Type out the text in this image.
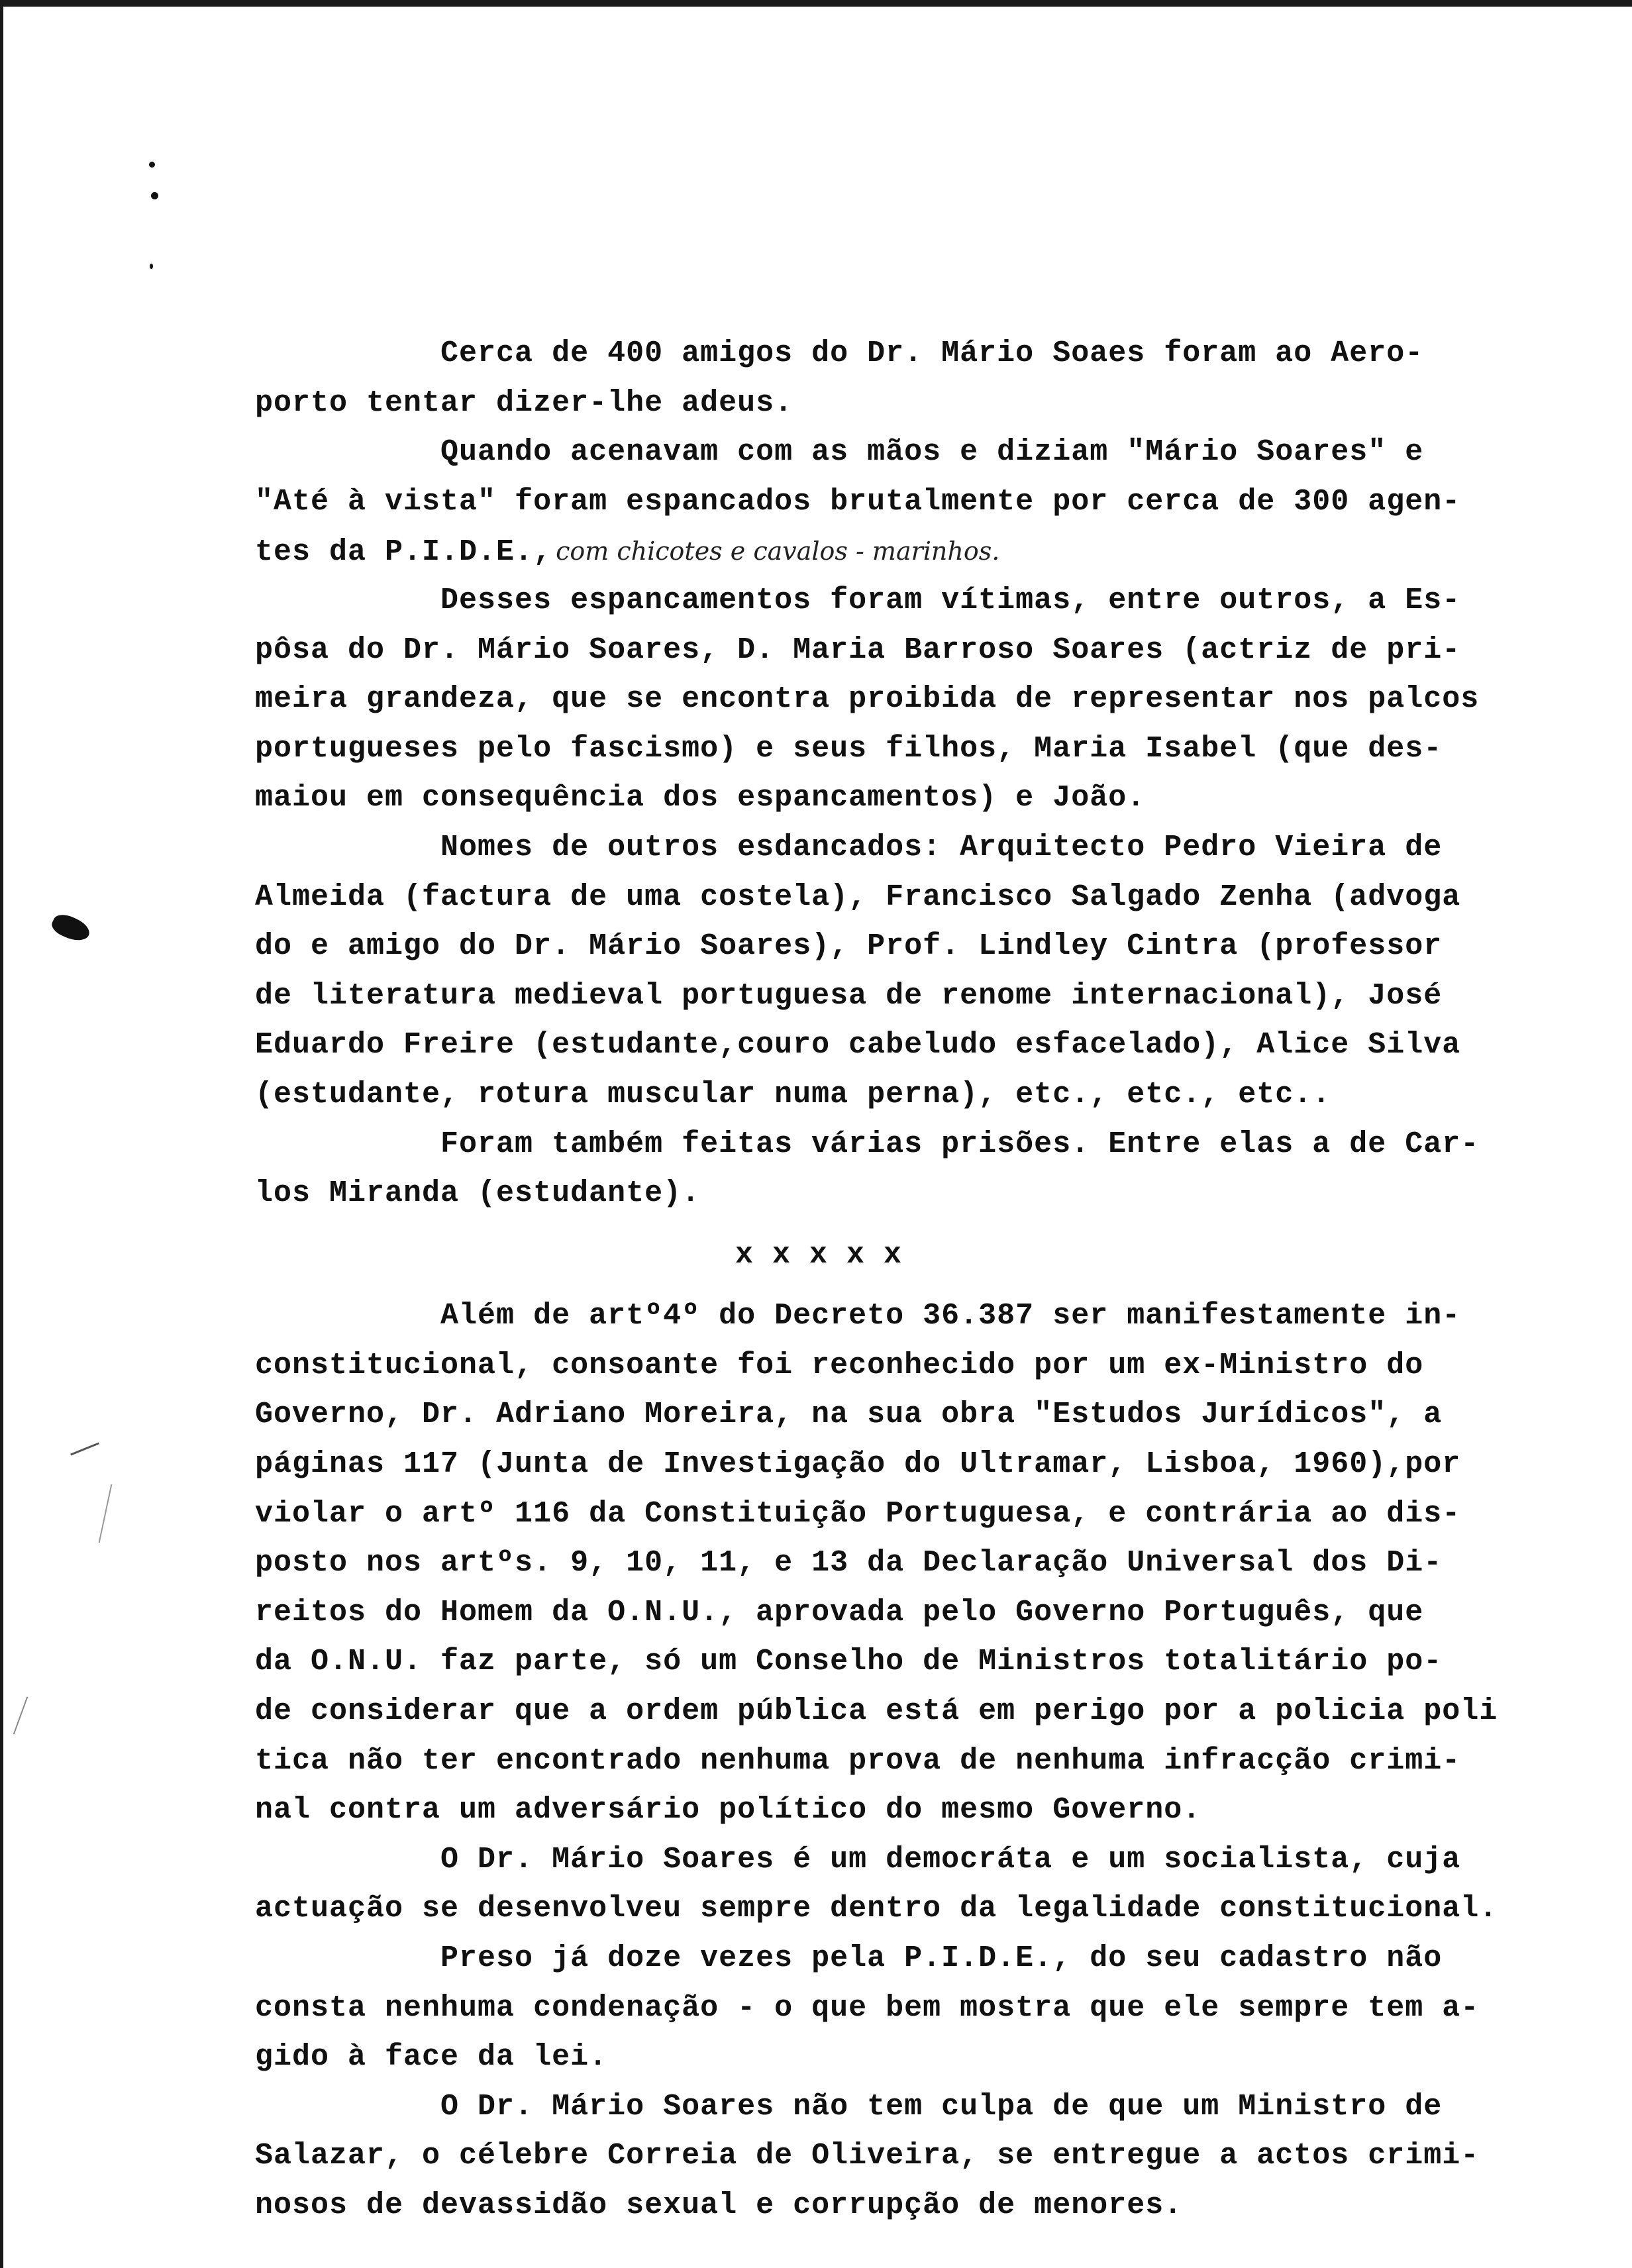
Cerca de 400 amigos do Dr. Mário Soaes foram ao Aero-
porto tentar dizer-lhe adeus.
Quando acenavam com as mãos e diziam "Mário Soares" e
"Até à vista" foram espancados brutalmente por cerca de 300 agen-
tes da P.I.D.E., com chicotes e cavalos - marinhos.
Desses espancamentos foram vítimas, entre outros, a Es-
pôsa do Dr. Mário Soares, D. Maria Barroso Soares (actriz de pri-
meira grandeza, que se encontra proibida de representar nos palcos
portugueses pelo fascismo) e seus filhos, Maria Isabel (que des-
maiou em consequência dos espancamentos) e João.
Nomes de outros esdancados: Arquitecto Pedro Vieira de
Almeida (factura de uma costela), Francisco Salgado Zenha (advoga
do e amigo do Dr. Mário Soares), Prof. Lindley Cintra (professor
de literatura medieval portuguesa de renome internacional), José
Eduardo Freire (estudante,couro cabeludo esfacelado), Alice Silva
(estudante, rotura muscular numa perna), etc., etc., etc..
Foram também feitas várias prisões. Entre elas a de Car-
los Miranda (estudante).
x x x x x
Além de artº4º do Decreto 36.387 ser manifestamente in-
constitucional, consoante foi reconhecido por um ex-Ministro do
Governo, Dr. Adriano Moreira, na sua obra "Estudos Jurídicos", a
páginas 117 (Junta de Investigação do Ultramar, Lisboa, 1960),por
violar o artº 116 da Constituição Portuguesa, e contrária ao dis-
posto nos artºs. 9, 10, 11, e 13 da Declaração Universal dos Di-
reitos do Homem da O.N.U., aprovada pelo Governo Português, que
da O.N.U. faz parte, só um Conselho de Ministros totalitário po-
de considerar que a ordem pública está em perigo por a policia poli
tica não ter encontrado nenhuma prova de nenhuma infracção crimi-
nal contra um adversário político do mesmo Governo.
O Dr. Mário Soares é um democráta e um socialista, cuja
actuação se desenvolveu sempre dentro da legalidade constitucional.
Preso já doze vezes pela P.I.D.E., do seu cadastro não
consta nenhuma condenação - o que bem mostra que ele sempre tem a-
gido à face da lei.
O Dr. Mário Soares não tem culpa de que um Ministro de
Salazar, o célebre Correia de Oliveira, se entregue a actos crimi-
nosos de devassidão sexual e corrupção de menores.
